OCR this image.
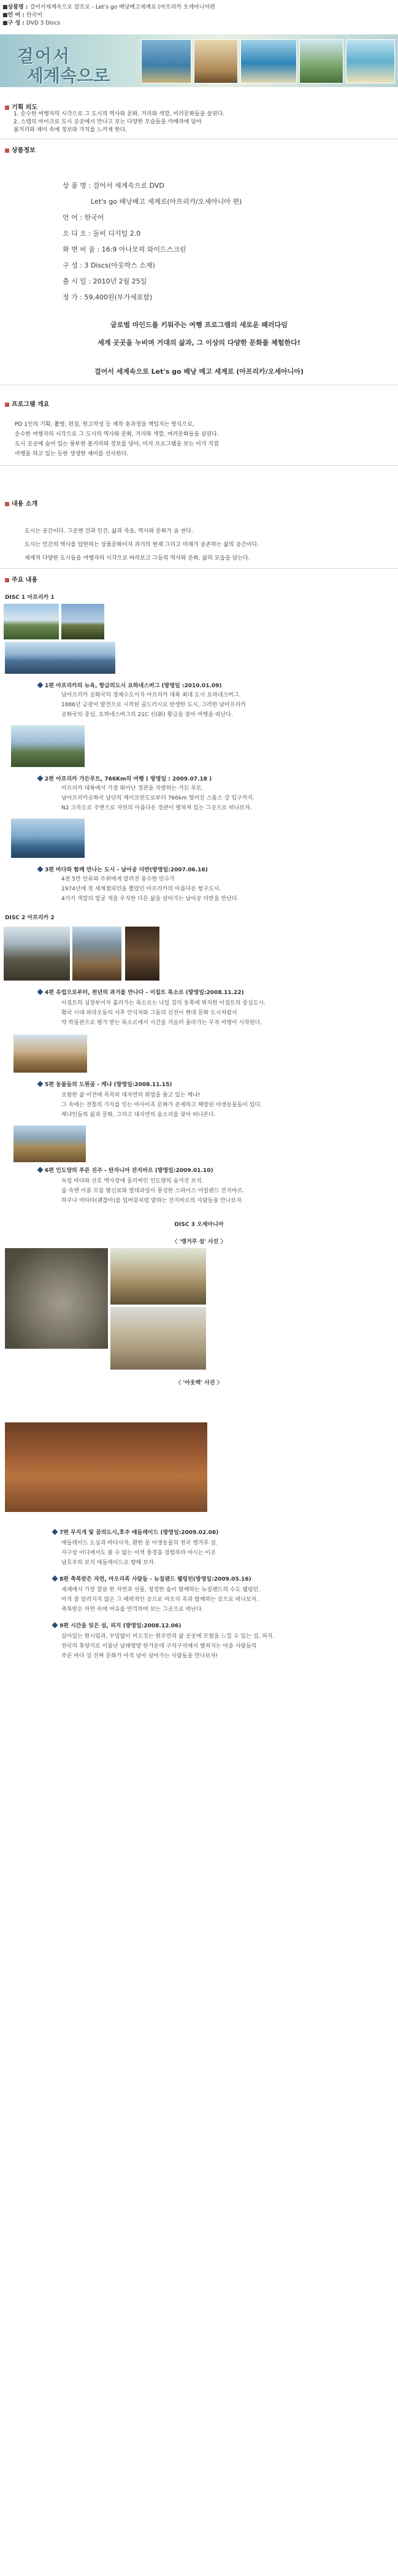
■상품명 : 걸어서세계속으로 알프로 - Let's go 배낭배고세계로 (아프리카 오세아니아편
■언 어 : 한국어
■구 성 : DVD 3 Discs
걸어서
세계속으로
기획 의도
1. 순수한 여행자의 시각으로 그 도시의 역사와 문화, 거리와 색깔, 여러문화들을 살핀다.
2. 스탭의 마이크로 도시 곳곳에서 만나고 보는 다양한 모습들을 카메라에 담아
볼거리와 재미 속에 정보와 가치를 느끼게 한다.
상품정보
상 품 명 : 걸어서 세계속으로 DVD
Let's go 배낭배고 세계로(아프리카/오세아니아 편)
언 어 : 한국어
오 디 오 : 돌비 디지털 2.0
화 면 비 율 : 16:9 아나모픽 와이드스크린
구 성 : 3 Discs(아웃박스 소재)
출 시 일 : 2010년 2월 25일
정 가 : 59,400원(부가세포함)
글로벌 마인드를 키워주는 여행 프로그램의 새로운 패러다임
세계 곳곳을 누비며 거대의 삶과, 그 이상의 다양한 문화를 체험한다!
걸어서 세계속으로 Let's go 배낭 메고 세계로 (아프리카/오세아니아)
프로그램 개요
PD 1인의 기획, 촬영, 편집, 원고작성 등 제작 숏과정을 책임지는 방식으로,
순수한 여행자의 시각으로 그 도시의 역사와 문화, 거리와 색깔, 여러문화들을 살핀다.
도시 곳곳에 숨어 있는 풍부한 볼거리와 정보를 담아, 미지 프로그램을 보는 이가 직접
여행을 하고 있는 듯한 생생한 재미를 선사한다.
내용 소개
도시는 공간이다. 그곳엔 건과 인간, 삶과 죽음, 역사와 문화가 숨 쉰다.
도시는 인간의 역사를 압한하는 상품문화이자 과거의 현재 그리고 미래가 공존하는 삶의 공간이다.
세계적 다양한 도시들을 여행자의 시각으로 바라보고 그들의 역사와 문화, 삶의 모습을 담는다.
주요 내용
DISC 1 아프리카 1
1편 아프리카의 뉴욕, 항금의도시 요하네스버그 (방영일 :2010.01.09)
남아프리카 공화국의 경제수도이자 아프리카 대륙 최대 도시 요하네스버그.
1886년 금광이 발견으로 시작된 골드러시로 탄생한 도시, 그러한 남아프리카
공화국의 중심, 요하네스버그의 21C 신(新) 황금을 찾아 여행을 떠난다.
2편 아프리카 가든루트, 766Km의 여행 ( 방영일 : 2009.07.18 )
아프리카 대륙에서 가장 뛰어난 경관을 자랑하는 가든 루트.
남아프리카공화국 남단의 케이프반도로부터 766km 떨어진 스톰스 강 입구까지.
N2 고속도로 주변으로 자연의 아름다운 경관이 펼쳐져 있는 그곳으로 떠나보자.
3편 바다와 함께 만나는 도시 - 남아공 더반(방영일:2007.06.16)
4천 5만 인류와 주위에게 알려진 용수한 민수가
1974년에 첫 세계챔피언을 뽑았던 아프리카의 아름다운 항구도시.
4가지 색깔의 얼굴 색을 우직한 다른 삶을 살아가는 남아공 더반을 만난다.
DISC 2 아프리카 2
4편 유럽으로부터, 천년의 과거를 만나다 - 이집트 룩소르 (방영일:2008.11.22)
이집트의 심장부이자 흘러가는 룩소르는 나일 강의 동쪽에 위치한 이집트의 중심도시.
황국 시대 파라오들의 사후 안식처와 그들의 신전이 현대 문화 도시처럼서
약 박물관으로 평가 받는 룩소르에서 시간을 거슬러 올라가는 무적 여행이 시작된다.
5편 동물들의 도원골 - 케냐 (방영일:2008.11.15)
포함한 삶 이전에 목목히 대자연의 위엄을 품고 있는 케냐!
그 속에는 전통의 가치를 잇는 마사이족 문화가 존재하고 해방된 야생동물들이 있다.
케냐인들의 삶과 문화, 그리고 대자연의 숨소리를 찾아 떠나본다.
6편 인도양의 푸른 진주 - 탄자니아 잔지바르 (방영일:2009.01.10)
독립 바다와 산호 백사장에 둘러싸인 인도양의 숨겨진 보석.
숲 속엔 이름 모를 향신료와 열대과일이 풍성한 스파이스 아일랜드 잔지바르.
하쿠나 마타타(괜찮아)를 입버릇처럼 말하는 잔지바르의 사람들을 만나보자.
DISC 3 오세아니아
〈 '캥거루 섬' 사진 〉
〈 '아웃백' 사진 〉
7편 무지개 빛 꿈의도시,호주 애들레이드 (방영일:2009.02.08)
애들레이드 도심과 바다사자, 환한 뭉 아생동물의 천국 캥거루 섬.
지구상 어디에서도 볼 수 없는 이색 풍경을 경험하라 마시는 이곳
남호주의 보석 애들레이드로 향해 보자.
8편 축복받은 자연, 마오리족 사람들 - 뉴질랜드 웰링턴(방영일:2009.05.16)
세계에서 가장 깔끔 한 자연과 선물, 청정한 숲이 함께하는 뉴질랜드의 수도 웰링턴.
아직 잘 알려지지 않은 그 매력적인 곳으로 마오리 족과 함께하는 곳으로 떠나보자.
축복받은 자연 속에 여유를 만끽하며 보는 그곳으로 떠난다.
9편 시간을 잊은 섬, 피지 (방영일:2008.12.06)
살아있는 원시림과, 꾸밈없이 미소짓는 원주민의 삶 곳곳에 모험을 느낄 수 있는 섬, 피지.
천국의 휴양지로 이름난 남태평양 한가운데 구석구석에서 펼쳐지는 마을 사람들의
푸른 바다 섬 진짜 문화가 아직 남아 살아가는 사람들을 만나보자!
